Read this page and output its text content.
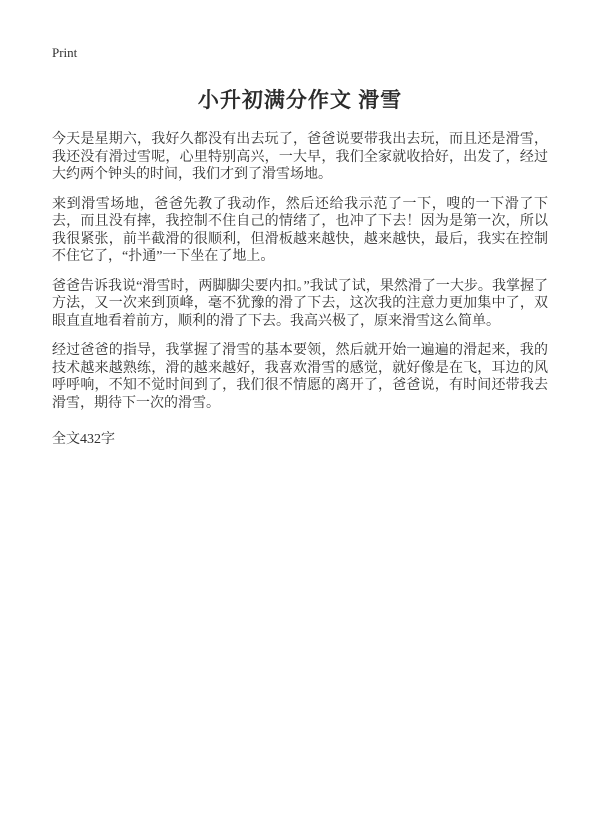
Print
小升初满分作文 滑雪

今天是星期六，我好久都没有出去玩了，爸爸说要带我出去玩，而且还是滑雪，我还没有滑过雪呢，心里特别高兴，一大早，我们全家就收拾好，出发了，经过大约两个钟头的时间，我们才到了滑雪场地。

来到滑雪场地，爸爸先教了我动作，然后还给我示范了一下，嗖的一下滑了下去，而且没有摔，我控制不住自己的情绪了，也冲了下去！因为是第一次，所以我很紧张，前半截滑的很顺利，但滑板越来越快，越来越快，最后，我实在控制不住它了，“扑通”一下坐在了地上。

爸爸告诉我说“滑雪时，两脚脚尖要内扣。”我试了试，果然滑了一大步。我掌握了方法，又一次来到顶峰，毫不犹豫的滑了下去，这次我的注意力更加集中了，双眼直直地看着前方，顺利的滑了下去。我高兴极了，原来滑雪这么简单。

经过爸爸的指导，我掌握了滑雪的基本要领，然后就开始一遍遍的滑起来，我的技术越来越熟练，滑的越来越好，我喜欢滑雪的感觉，就好像是在飞，耳边的风呼呼响，不知不觉时间到了，我们很不情愿的离开了，爸爸说，有时间还带我去滑雪，期待下一次的滑雪。

全文432字
